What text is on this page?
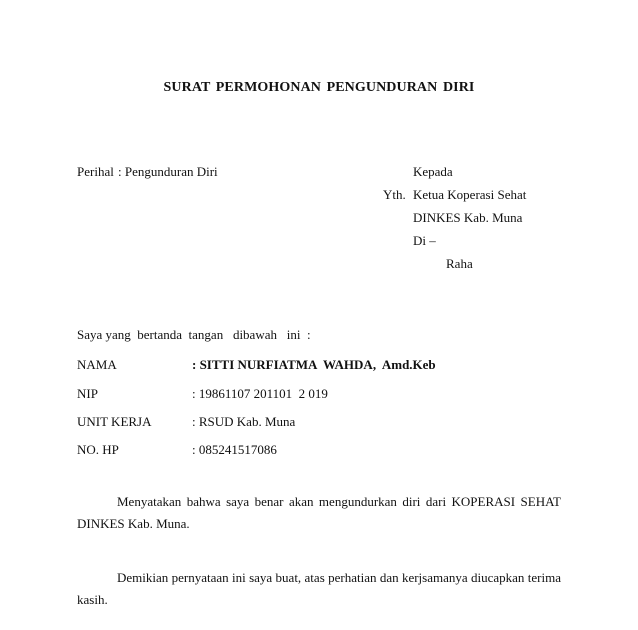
SURAT PERMOHONAN PENGUNDURAN DIRI
Perihal : Pengunduran Diri	Kepada
Yth. Ketua Koperasi Sehat
DINKES Kab. Muna
Di –
Raha
Saya yang  bertanda  tangan   dibawah   ini  :
NAMA	: SITTI NURFIATMA  WAHDA,  Amd.Keb
NIP	: 19861107 201101  2 019
UNIT KERJA	: RSUD Kab. Muna
NO. HP	: 085241517086
Menyatakan bahwa saya benar akan mengundurkan diri dari KOPERASI SEHAT DINKES Kab. Muna.
Demikian pernyataan ini saya buat, atas perhatian dan kerjsamanya diucapkan terima kasih.
